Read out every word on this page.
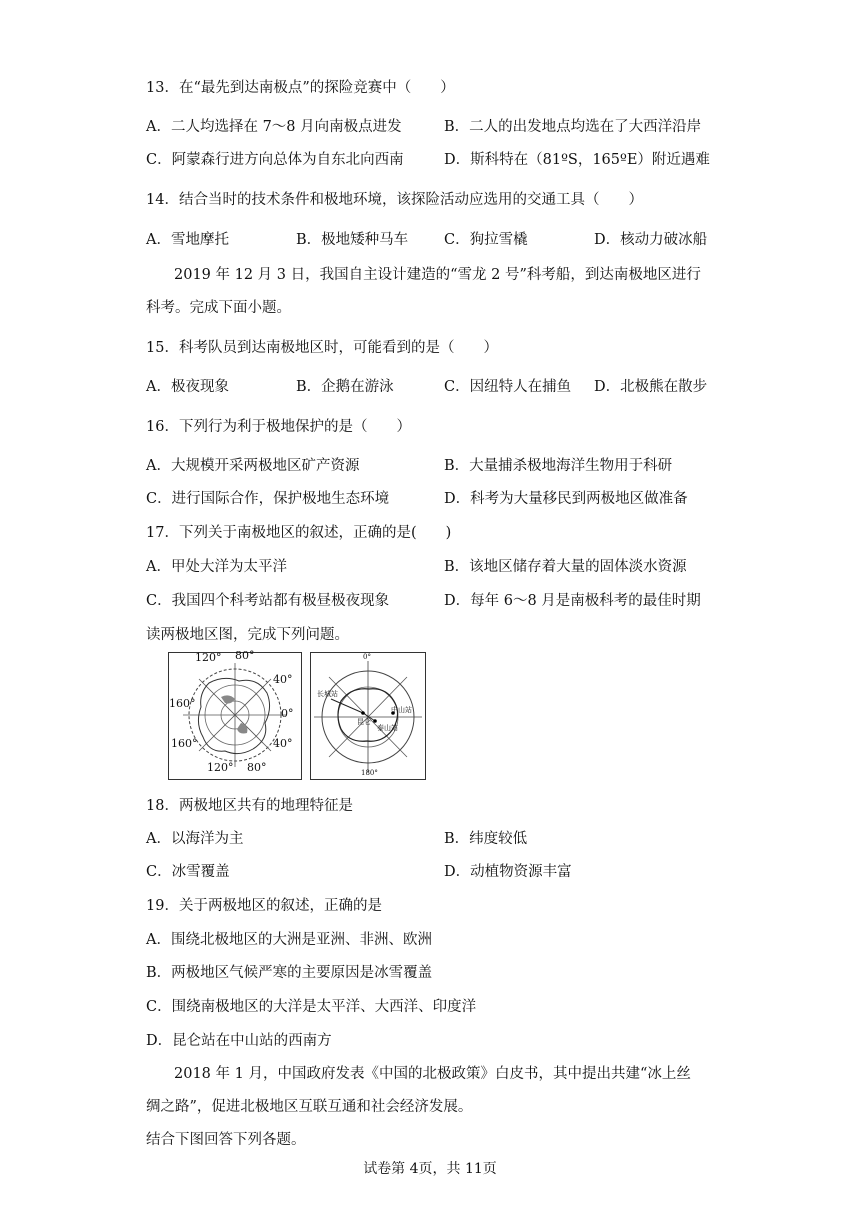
13．在“最先到达南极点”的探险竞赛中（　　）
A．二人均选择在 7～8 月向南极点进发	B．二人的出发地点均选在了大西洋沿岸
C．阿蒙森行进方向总体为自东北向西南	D．斯科特在（81ºS，165ºE）附近遇难
14．结合当时的技术条件和极地环境，该探险活动应选用的交通工具（　　）
A．雪地摩托	B．极地矮种马车 C．狗拉雪橇	D．核动力破冰船
2019 年 12 月 3 日，我国自主设计建造的“雪龙 2 号”科考船，到达南极地区进行
科考。完成下面小题。
15．科考队员到达南极地区时，可能看到的是（　　）
A．极夜现象	B．企鹅在游泳	C．因纽特人在捕鱼 D．北极熊在散步
16．下列行为利于极地保护的是（　　）
A．大规模开采两极地区矿产资源	B．大量捕杀极地海洋生物用于科研
C．进行国际合作，保护极地生态环境	D．科考为大量移民到两极地区做准备
17．下列关于南极地区的叙述，正确的是(　　)
A．甲处大洋为太平洋	B．该地区储存着大量的固体淡水资源
C．我国四个科考站都有极昼极夜现象	D．每年 6～8 月是南极科考的最佳时期
读两极地区图，完成下列问题。
120° 80°
40°
160°
0°
160°	40°
120° 80°
0°
长城站
昆仑
中山站
泰山站
180°
18．两极地区共有的地理特征是
A．以海洋为主	B．纬度较低
C．冰雪覆盖	D．动植物资源丰富
19．关于两极地区的叙述，正确的是
A．围绕北极地区的大洲是亚洲、非洲、欧洲
B．两极地区气候严寒的主要原因是冰雪覆盖
C．围绕南极地区的大洋是太平洋、大西洋、印度洋
D．昆仑站在中山站的西南方
2018 年 1 月，中国政府发表《中国的北极政策》白皮书，其中提出共建“冰上丝
绸之路”，促进北极地区互联互通和社会经济发展。
结合下图回答下列各题。
试卷第 4页，共 11页
